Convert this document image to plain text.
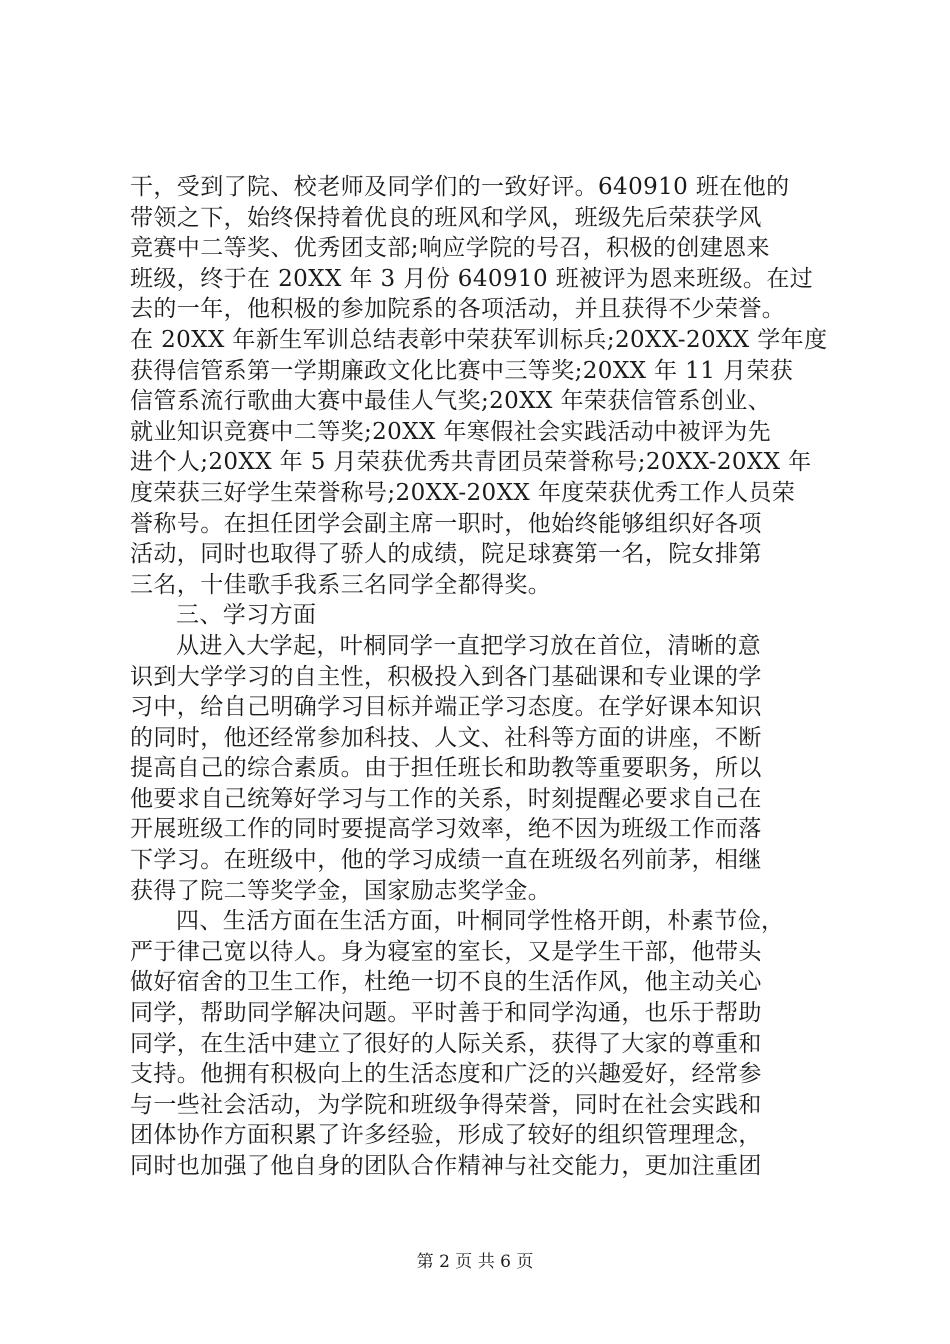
干，受到了院、校老师及同学们的一致好评。640910 班在他的
带领之下，始终保持着优良的班风和学风，班级先后荣获学风
竞赛中二等奖、优秀团支部;响应学院的号召，积极的创建恩来
班级，终于在 20XX 年 3 月份 640910 班被评为恩来班级。在过
去的一年，他积极的参加院系的各项活动，并且获得不少荣誉。
在 20XX 年新生军训总结表彰中荣获军训标兵;20XX-20XX 学年度
获得信管系第一学期廉政文化比赛中三等奖;20XX 年 11 月荣获
信管系流行歌曲大赛中最佳人气奖;20XX 年荣获信管系创业、
就业知识竞赛中二等奖;20XX 年寒假社会实践活动中被评为先
进个人;20XX 年 5 月荣获优秀共青团员荣誉称号;20XX-20XX 年
度荣获三好学生荣誉称号;20XX-20XX 年度荣获优秀工作人员荣
誉称号。在担任团学会副主席一职时，他始终能够组织好各项
活动，同时也取得了骄人的成绩，院足球赛第一名，院女排第
三名，十佳歌手我系三名同学全都得奖。
三、学习方面
从进入大学起，叶桐同学一直把学习放在首位，清晰的意
识到大学学习的自主性，积极投入到各门基础课和专业课的学
习中，给自己明确学习目标并端正学习态度。在学好课本知识
的同时，他还经常参加科技、人文、社科等方面的讲座，不断
提高自己的综合素质。由于担任班长和助教等重要职务，所以
他要求自己统筹好学习与工作的关系，时刻提醒必要求自己在
开展班级工作的同时要提高学习效率，绝不因为班级工作而落
下学习。在班级中，他的学习成绩一直在班级名列前茅，相继
获得了院二等奖学金，国家励志奖学金。
四、生活方面在生活方面，叶桐同学性格开朗，朴素节俭，
严于律己宽以待人。身为寝室的室长，又是学生干部，他带头
做好宿舍的卫生工作，杜绝一切不良的生活作风，他主动关心
同学，帮助同学解决问题。平时善于和同学沟通，也乐于帮助
同学，在生活中建立了很好的人际关系，获得了大家的尊重和
支持。他拥有积极向上的生活态度和广泛的兴趣爱好，经常参
与一些社会活动，为学院和班级争得荣誉，同时在社会实践和
团体协作方面积累了许多经验，形成了较好的组织管理理念，
同时也加强了他自身的团队合作精神与社交能力，更加注重团
第 2 页 共 6 页
